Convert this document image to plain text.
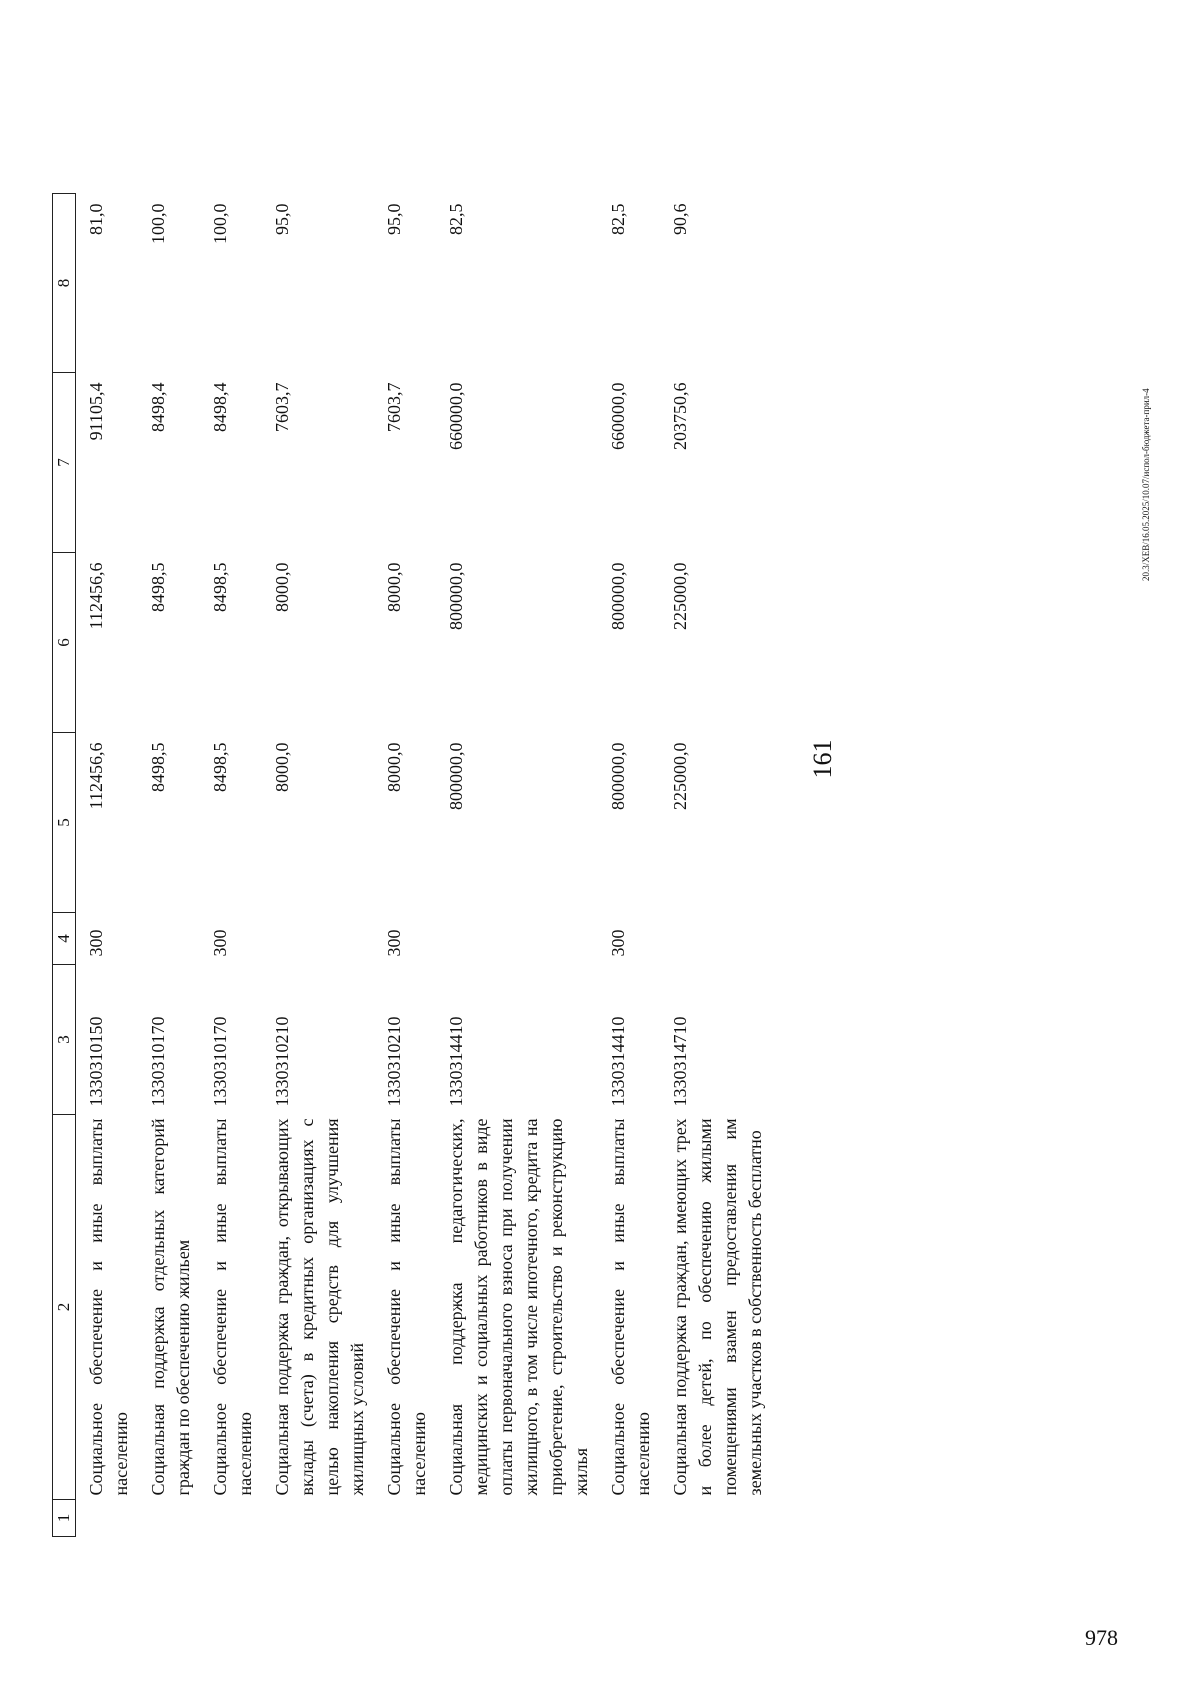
161
1	2	3	4	5	6	7	8
	Социальное обеспечение и иные выплаты населению	1330310150	300	112456,6	112456,6	91105,4	81,0
	Социальная поддержка отдельных категорий граждан по обеспечению жильем	1330310170		8498,5	8498,5	8498,4	100,0
	Социальное обеспечение и иные выплаты населению	1330310170	300	8498,5	8498,5	8498,4	100,0
	Социальная поддержка граждан, открывающих вклады (счета) в кредитных организациях с целью накопления средств для улучшения жилищных условий	1330310210		8000,0	8000,0	7603,7	95,0
	Социальное обеспечение и иные выплаты населению	1330310210	300	8000,0	8000,0	7603,7	95,0
	Социальная поддержка педагогических, медицинских и социальных работников в виде оплаты первоначального взноса при получении жилищного, в том числе ипотечного, кредита на приобретение, строительство и реконструкцию жилья	1330314410		800000,0	800000,0	660000,0	82,5
	Социальное обеспечение и иные выплаты населению	1330314410	300	800000,0	800000,0	660000,0	82,5
	Социальная поддержка граждан, имеющих трех и более детей, по обеспечению жилыми помещениями взамен предоставления им земельных участков в собственность бесплатно	1330314710		225000,0	225000,0	203750,6	90,6
20.3/XEB/16.05.2025/10.07/испол-бюджета-прил-4
978
